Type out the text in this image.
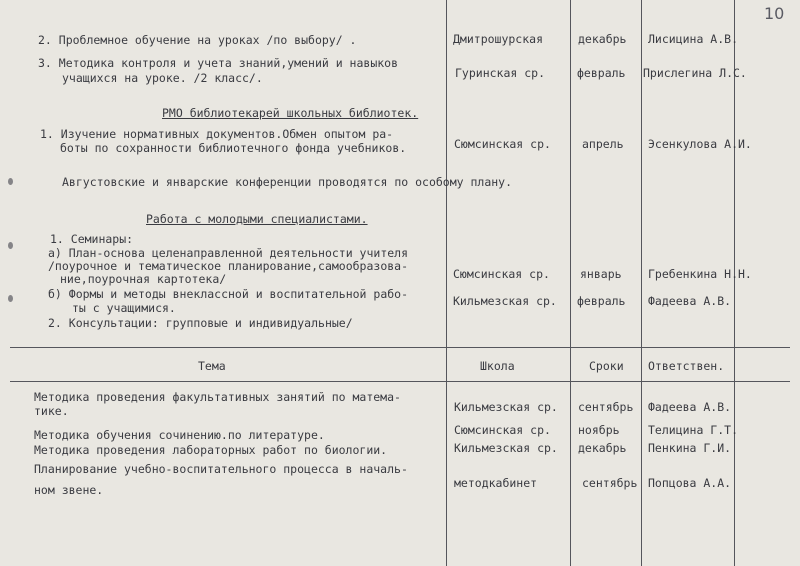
10
2. Проблемное обучение на уроках /по выбору/ .	Дмитрошурская	декабрь Лисицина А.В.
3. Методика контроля и учета знаний,умений и навыков
учащихся на уроке. /2 класс/.	Гуринская ср.	февраль Прислегина Л.С.
РМО библиотекарей школьных библиотек.
1. Изучение нормативных документов.Обмен опытом ра-
боты по сохранности библиотечного фонда учебников.	Сюмсинская ср.	апрель Эсенкулова А.И.
Августовские и январские конференции проводятся по особому плану.
Работа с молодыми специалистами.
1. Семинары:
а) План-основа целенаправленной деятельности учителя
/поурочное и тематическое планирование,самообразова-
ние,поурочная картотека/	Сюмсинская ср.	январь Гребенкина Н.Н.
б) Формы и методы внеклассной и воспитательной рабо-
ты с учащимися.	Кильмезская ср. февраль Фадеева А.В.
2. Консультации: групповые и индивидуальные/
Тема	Школа	Сроки Ответствен.
Методика проведения факультативных занятий по матема-
тике.	Кильмезская ср. сентябрь Фадеева А.В.
Методика обучения сочинению.по литературе.	Сюмсинская ср. ноябрь Телицина Г.Т.
Методика проведения лабораторных работ по биологии.	Кильмезская ср. декабрь Пенкина Г.И.
Планирование учебно-воспитательного процесса в началь-
ном звене.	методкабинет	сентябрь Попцова А.А.
